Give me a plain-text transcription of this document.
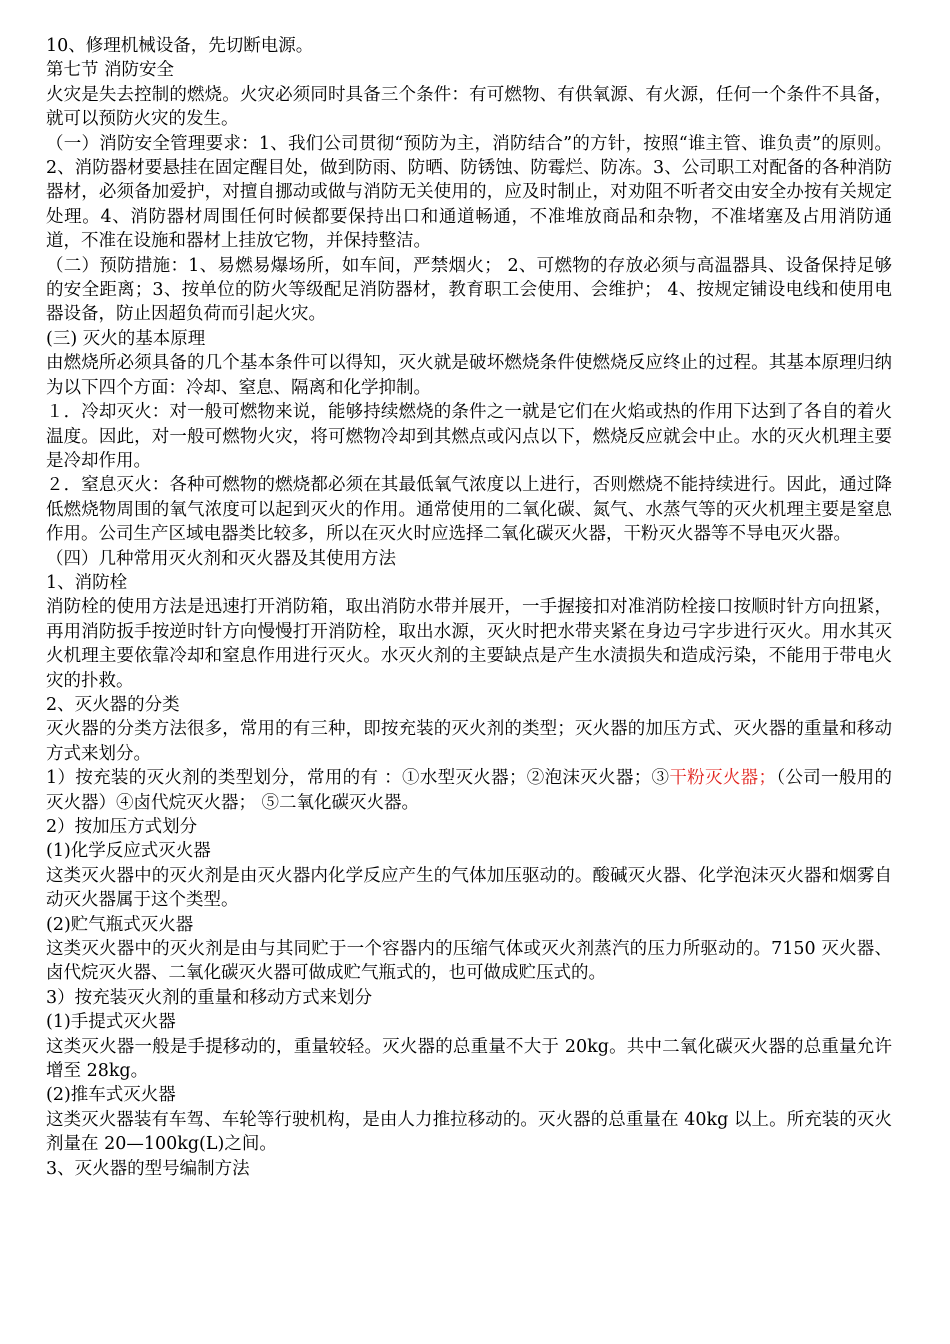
10、修理机械设备，先切断电源。

第七节 消防安全

火灾是失去控制的燃烧。火灾必须同时具备三个条件：有可燃物、有供氧源、有火源，任何一个条件不具备，就可以预防火灾的发生。

（一）消防安全管理要求：1、我们公司贯彻“预防为主，消防结合”的方针，按照“谁主管、谁负责”的原则。2、消防器材要悬挂在固定醒目处，做到防雨、防晒、防锈蚀、防霉烂、防冻。3、公司职工对配备的各种消防器材，必须备加爱护，对擅自挪动或做与消防无关使用的，应及时制止，对劝阻不听者交由安全办按有关规定处理。4、消防器材周围任何时候都要保持出口和通道畅通，不准堆放商品和杂物，不准堵塞及占用消防通道，不准在设施和器材上挂放它物，并保持整洁。

（二）预防措施：1、易燃易爆场所，如车间，严禁烟火； 2、可燃物的存放必须与高温器具、设备保持足够的安全距离；3、按单位的防火等级配足消防器材，教育职工会使用、会维护； 4、按规定铺设电线和使用电器设备，防止因超负荷而引起火灾。

(三) 灭火的基本原理

由燃烧所必须具备的几个基本条件可以得知，灭火就是破坏燃烧条件使燃烧反应终止的过程。其基本原理归纳为以下四个方面：冷却、窒息、隔离和化学抑制。

１．冷却灭火：对一般可燃物来说，能够持续燃烧的条件之一就是它们在火焰或热的作用下达到了各自的着火温度。因此，对一般可燃物火灾，将可燃物冷却到其燃点或闪点以下，燃烧反应就会中止。水的灭火机理主要是冷却作用。

２．窒息灭火：各种可燃物的燃烧都必须在其最低氧气浓度以上进行，否则燃烧不能持续进行。因此，通过降低燃烧物周围的氧气浓度可以起到灭火的作用。通常使用的二氧化碳、氮气、水蒸气等的灭火机理主要是窒息作用。公司生产区域电器类比较多，所以在灭火时应选择二氧化碳灭火器，干粉灭火器等不导电灭火器。

（四）几种常用灭火剂和灭火器及其使用方法

1、消防栓

消防栓的使用方法是迅速打开消防箱，取出消防水带并展开，一手握接扣对准消防栓接口按顺时针方向扭紧，再用消防扳手按逆时针方向慢慢打开消防栓，取出水源，灭火时把水带夹紧在身边弓字步进行灭火。用水其灭火机理主要依靠冷却和窒息作用进行灭火。水灭火剂的主要缺点是产生水渍损失和造成污染，不能用于带电火灾的扑救。

2、灭火器的分类

灭火器的分类方法很多，常用的有三种，即按充装的灭火剂的类型；灭火器的加压方式、灭火器的重量和移动方式来划分。

1）按充装的灭火剂的类型划分，常用的有 ：①水型灭火器；②泡沫灭火器；③干粉灭火器；（公司一般用的灭火器）④卤代烷灭火器； ⑤二氧化碳灭火器。

2）按加压方式划分

(1)化学反应式灭火器

这类灭火器中的灭火剂是由灭火器内化学反应产生的气体加压驱动的。酸碱灭火器、化学泡沫灭火器和烟雾自动灭火器属于这个类型。

(2)贮气瓶式灭火器

这类灭火器中的灭火剂是由与其同贮于一个容器内的压缩气体或灭火剂蒸汽的压力所驱动的。7150 灭火器、卤代烷灭火器、二氧化碳灭火器可做成贮气瓶式的，也可做成贮压式的。

3）按充装灭火剂的重量和移动方式来划分

(1)手提式灭火器

这类灭火器一般是手提移动的，重量较轻。灭火器的总重量不大于 20kg。共中二氧化碳灭火器的总重量允许增至 28kg。

(2)推车式灭火器

这类灭火器装有车驾、车轮等行驶机构，是由人力推拉移动的。灭火器的总重量在 40kg 以上。所充装的灭火剂量在 20—100kg(L)之间。

3、灭火器的型号编制方法
